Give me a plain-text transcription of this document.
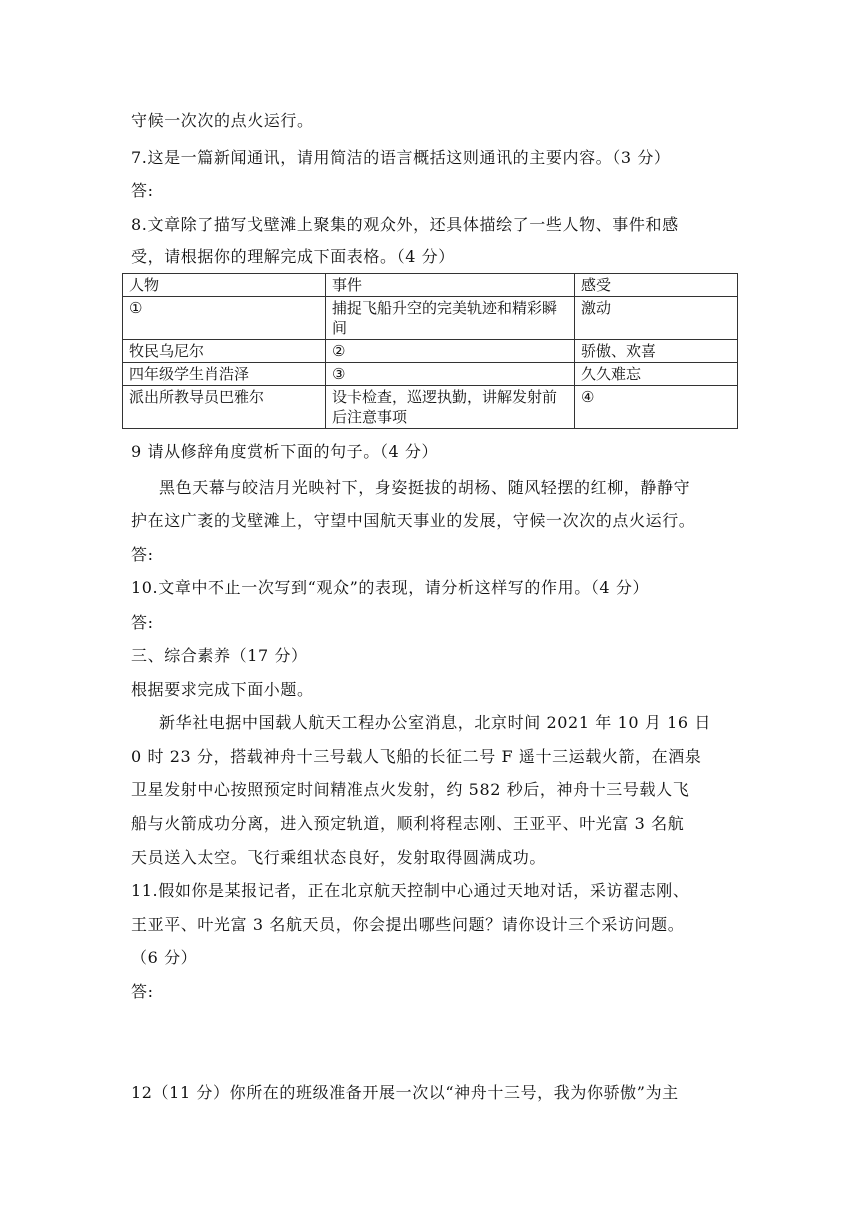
守候一次次的点火运行。
7.这是一篇新闻通讯，请用简洁的语言概括这则通讯的主要内容。（3 分）
答:
8.文章除了描写戈壁滩上聚集的观众外，还具体描绘了一些人物、事件和感
受，请根据你的理解完成下面表格。（4 分）
人物	事件	感受
①	捕捉飞船升空的完美轨迹和精彩瞬间	激动
牧民乌尼尔	②	骄傲、欢喜
四年级学生肖浩泽	③	久久难忘
派出所教导员巴雅尔	设卡检查，巡逻执勤，讲解发射前后注意事项	④
9 请从修辞角度赏析下面的句子。（4 分）
黑色天幕与皎洁月光映衬下，身姿挺拔的胡杨、随风轻摆的红柳，静静守
护在这广袤的戈壁滩上，守望中国航天事业的发展，守候一次次的点火运行。
答:
10.文章中不止一次写到“观众”的表现，请分析这样写的作用。（4 分）
答:
三、综合素养（17 分）
根据要求完成下面小题。
新华社电据中国载人航天工程办公室消息，北京时间 2021 年 10 月 16 日
0 时 23 分，搭载神舟十三号载人飞船的长征二号 F 遥十三运载火箭，在酒泉
卫星发射中心按照预定时间精准点火发射，约 582 秒后，神舟十三号载人飞
船与火箭成功分离，进入预定轨道，顺利将程志刚、王亚平、叶光富 3 名航
天员送入太空。飞行乘组状态良好，发射取得圆满成功。
11.假如你是某报记者，正在北京航天控制中心通过天地对话，采访翟志刚、
王亚平、叶光富 3 名航天员，你会提出哪些问题？请你设计三个采访问题。
（6 分）
答:
12（11 分）你所在的班级准备开展一次以“神舟十三号，我为你骄傲”为主
